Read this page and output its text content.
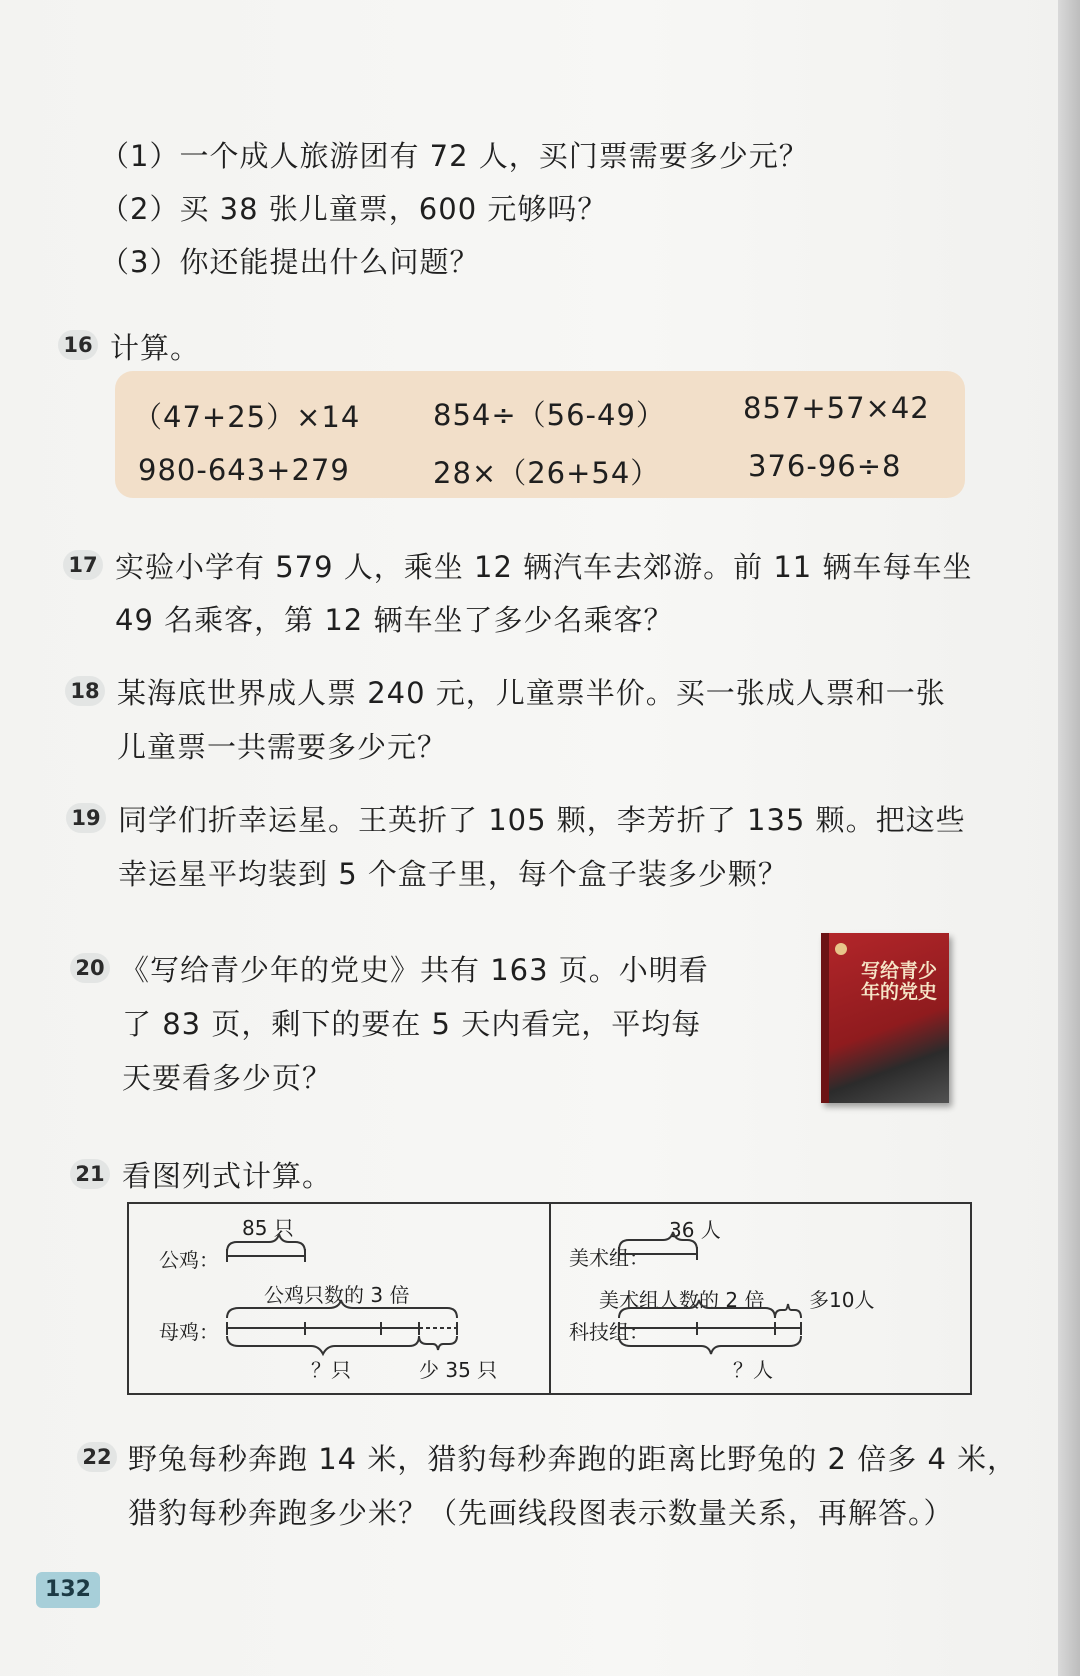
（1）一个成人旅游团有 72 人，买门票需要多少元？
（2）买 38 张儿童票，600 元够吗？
（3）你还能提出什么问题？
16 计算。
（47+25）×14	854÷（56-49）	857+57×42
980-643+279	28×（26+54）	376-96÷8
17 实验小学有 579 人，乘坐 12 辆汽车去郊游。前 11 辆车每车坐
49 名乘客，第 12 辆车坐了多少名乘客？
18 某海底世界成人票 240 元，儿童票半价。买一张成人票和一张
儿童票一共需要多少元？
19 同学们折幸运星。王英折了 105 颗，李芳折了 135 颗。把这些
幸运星平均装到 5 个盒子里，每个盒子装多少颗？
20 《写给青少年的党史》共有 163 页。小明看
了 83 页，剩下的要在 5 天内看完，平均每
天要看多少页？
写给青少年的党史
21 看图列式计算。
85 只
公鸡：
公鸡只数的 3 倍
母鸡：
？只	少 35 只
36 人
美术组：
美术组人数的 2 倍 多10人
科技组：
？人
22 野兔每秒奔跑 14 米，猎豹每秒奔跑的距离比野兔的 2 倍多 4 米，
猎豹每秒奔跑多少米？（先画线段图表示数量关系，再解答。）
132
